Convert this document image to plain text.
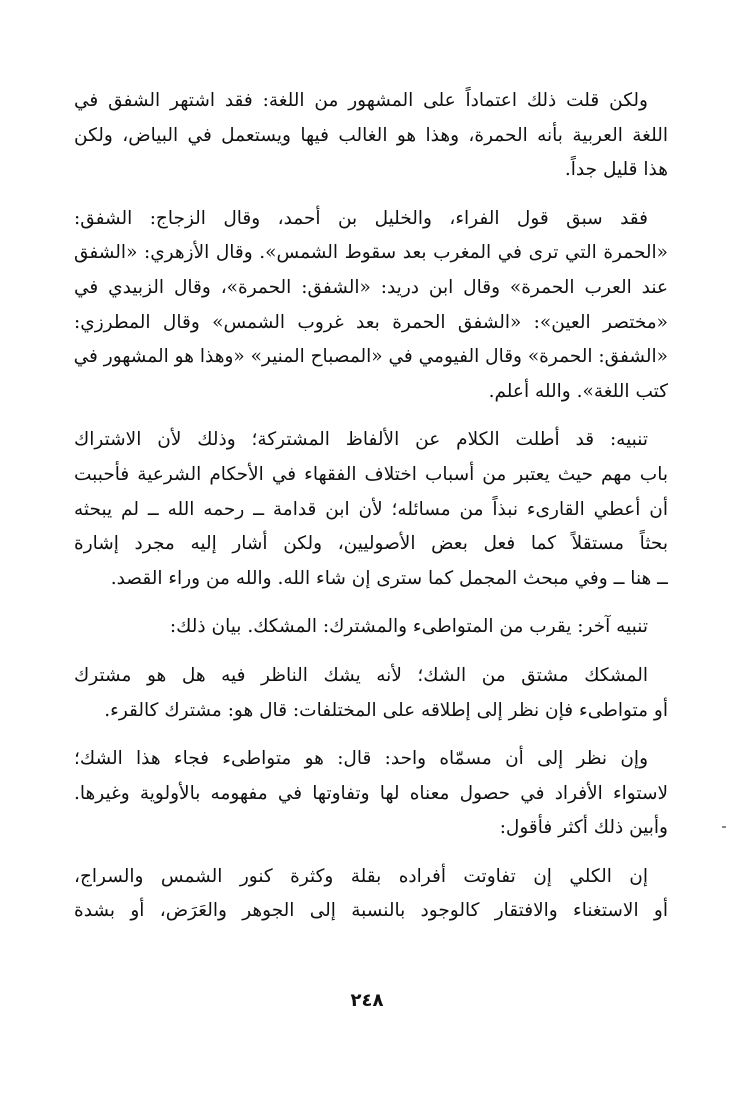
ولكن قلت ذلك اعتماداً على المشهور من اللغة: فقد اشتهر الشفق في
اللغة العربية بأنه الحمرة، وهذا هو الغالب فيها ويستعمل في البياض، ولكن
هذا قليل جداً.

فقد سبق قول الفراء، والخليل بن أحمد، وقال الزجاج: الشفق:
«الحمرة التي ترى في المغرب بعد سقوط الشمس». وقال الأزهري: «الشفق
عند العرب الحمرة» وقال ابن دريد: «الشفق: الحمرة»، وقال الزبيدي في
«مختصر العين»: «الشفق الحمرة بعد غروب الشمس» وقال المطرزي:
«الشفق: الحمرة» وقال الفيومي في «المصباح المنير» «وهذا هو المشهور في
كتب اللغة». والله أعلم.

تنبيه: قد أطلت الكلام عن الألفاظ المشتركة؛ وذلك لأن الاشتراك
باب مهم حيث يعتبر من أسباب اختلاف الفقهاء في الأحكام الشرعية فأحببت
أن أعطي القارىء نبذاً من مسائله؛ لأن ابن قدامة ــ رحمه الله ــ لم يبحثه
بحثاً مستقلاً كما فعل بعض الأصوليين، ولكن أشار إليه مجرد إشارة
ــ هنا ــ وفي مبحث المجمل كما سترى إن شاء الله. والله من وراء القصد.

تنبيه آخر: يقرب من المتواطىء والمشترك: المشكك. بيان ذلك:

المشكك مشتق من الشك؛ لأنه يشك الناظر فيه هل هو مشترك
أو متواطىء فإن نظر إلى إطلاقه على المختلفات: قال هو: مشترك كالقرء.

وإن نظر إلى أن مسمّاه واحد: قال: هو متواطىء فجاء هذا الشك؛
لاستواء الأفراد في حصول معناه لها وتفاوتها في مفهومه بالأولوية وغيرها.
وأبين ذلك أكثر فأقول:

إن الكلي إن تفاوتت أفراده بقلة وكثرة كنور الشمس والسراج،
أو الاستغناء والافتقار كالوجود بالنسبة إلى الجوهر والعَرَض، أو بشدة

٢٤٨
